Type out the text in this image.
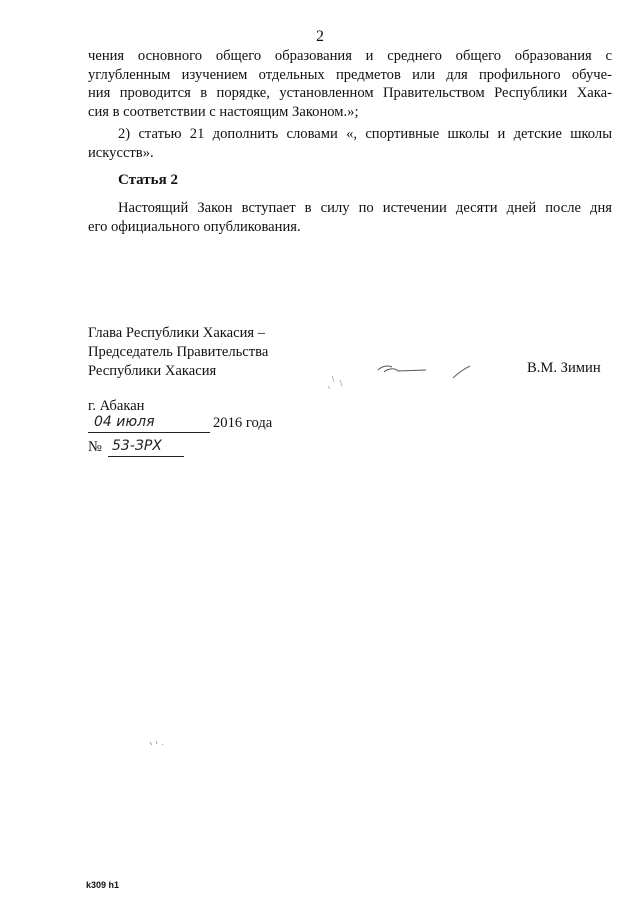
2
чения основного общего образования и среднего общего образования с
углубленным изучением отдельных предметов или для профильного обуче-
ния проводится в порядке, установленном Правительством Республики Хака-
сия в соответствии с настоящим Законом.»;
2) статью 21 дополнить словами «, спортивные школы и детские школы
искусств».
Статья 2
Настоящий Закон вступает в силу по истечении десяти дней после дня
его официального опубликования.
Глава Республики Хакасия –
Председатель Правительства
Республики Хакасия	В.М. Зимин
г. Абакан
04 июля	2016 года
№ 53-ЗРХ
k309 h1
